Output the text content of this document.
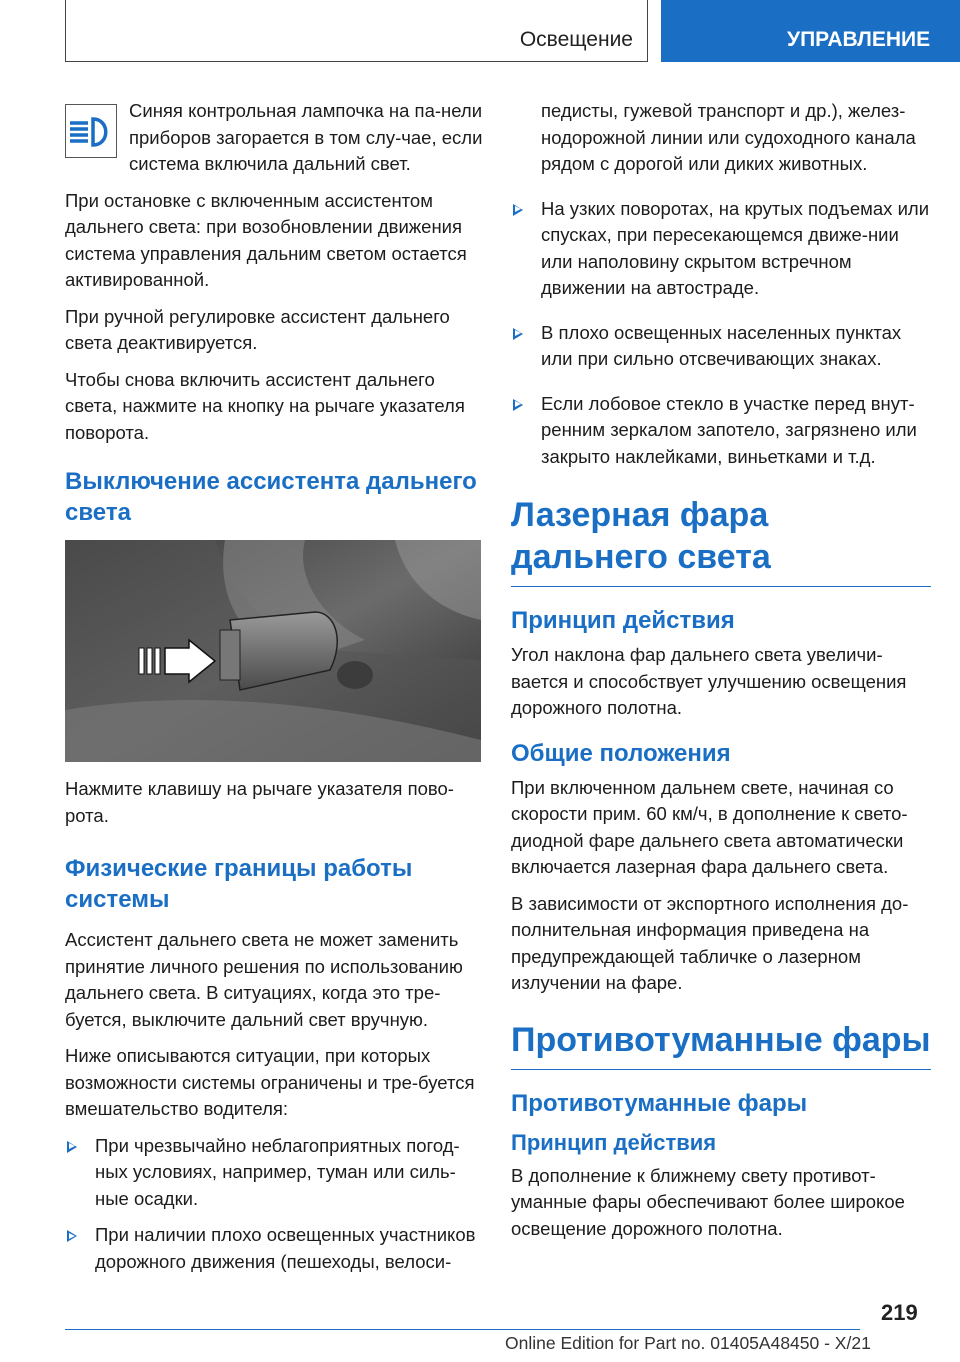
Освещение	УПРАВЛЕНИЕ

Синяя контрольная лампочка на па-нели приборов загорается в том слу-чае, если система включила дальний свет.

При остановке с включенным ассистентом дальнего света: при возобновлении движения система управления дальним светом остается активированной.

При ручной регулировке ассистент дальнего света деактивируется.

Чтобы снова включить ассистент дальнего света, нажмите на кнопку на рычаге указателя поворота.

Выключение ассистента дальнего света

Нажмите клавишу на рычаге указателя пово-рота.

Физические границы работы системы

Ассистент дальнего света не может заменить принятие личного решения по использованию дальнего света. В ситуациях, когда это тре-буется, выключите дальний свет вручную.

Ниже описываются ситуации, при которых возможности системы ограничены и тре-буется вмешательство водителя:

При чрезвычайно неблагоприятных погод-ных условиях, например, туман или силь-ные осадки.

При наличии плохо освещенных участников дорожного движения (пешеходы, велоси-

педисты, гужевой транспорт и др.), желез-нодорожной линии или судоходного канала рядом с дорогой или диких животных.

На узких поворотах, на крутых подъемах или спусках, при пересекающемся движе-нии или наполовину скрытом встречном движении на автостраде.

В плохо освещенных населенных пунктах или при сильно отсвечивающих знаках.

Если лобовое стекло в участке перед внут-ренним зеркалом запотело, загрязнено или закрыто наклейками, виньетками и т.д.

Лазерная фара дальнего света
Принцип действия

Угол наклона фар дальнего света увеличи-вается и способствует улучшению освещения дорожного полотна.

Общие положения

При включенном дальнем свете, начиная со скорости прим. 60 км/ч, в дополнение к свето-диодной фаре дальнего света автоматически включается лазерная фара дальнего света.

В зависимости от экспортного исполнения до-полнительная информация приведена на предупреждающей табличке о лазерном излучении на фаре.

Противотуманные фары
Противотуманные фары
Принцип действия

В дополнение к ближнему свету противот-уманные фары обеспечивают более широкое освещение дорожного полотна.

219
Online Edition for Part no. 01405A48450 - X/21
